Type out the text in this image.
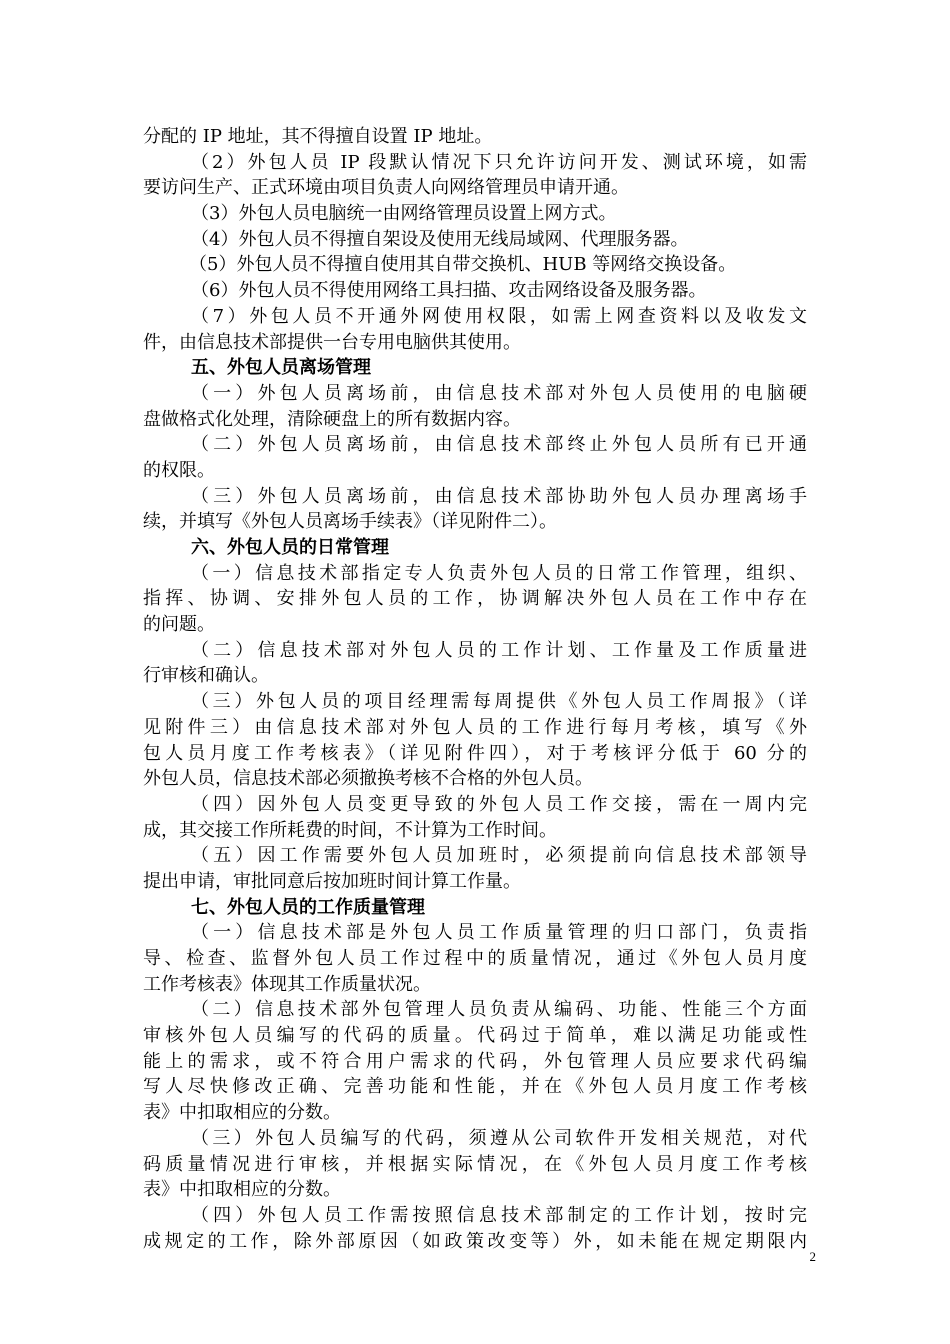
分配的 IP 地址，其不得擅自设置 IP 地址。
（2）外包人员 IP 段默认情况下只允许访问开发、测试环境，如需
要访问生产、正式环境由项目负责人向网络管理员申请开通。
（3）外包人员电脑统一由网络管理员设置上网方式。
（4）外包人员不得擅自架设及使用无线局域网、代理服务器。
（5）外包人员不得擅自使用其自带交换机、HUB 等网络交换设备。
（6）外包人员不得使用网络工具扫描、攻击网络设备及服务器。
（7）外包人员不开通外网使用权限，如需上网查资料以及收发文
件，由信息技术部提供一台专用电脑供其使用。
五、外包人员离场管理
（一）外包人员离场前，由信息技术部对外包人员使用的电脑硬
盘做格式化处理，清除硬盘上的所有数据内容。
（二）外包人员离场前，由信息技术部终止外包人员所有已开通
的权限。
（三）外包人员离场前，由信息技术部协助外包人员办理离场手
续，并填写《外包人员离场手续表》（详见附件二）。
六、外包人员的日常管理
（一）信息技术部指定专人负责外包人员的日常工作管理，组织、
指挥、协调、安排外包人员的工作，协调解决外包人员在工作中存在
的问题。
（二）信息技术部对外包人员的工作计划、工作量及工作质量进
行审核和确认。
（三）外包人员的项目经理需每周提供《外包人员工作周报》（详
见附件三）由信息技术部对外包人员的工作进行每月考核，填写《外
包人员月度工作考核表》（详见附件四），对于考核评分低于 60 分的
外包人员，信息技术部必须撤换考核不合格的外包人员。
（四）因外包人员变更导致的外包人员工作交接，需在一周内完
成，其交接工作所耗费的时间，不计算为工作时间。
（五）因工作需要外包人员加班时，必须提前向信息技术部领导
提出申请，审批同意后按加班时间计算工作量。
七、外包人员的工作质量管理
（一）信息技术部是外包人员工作质量管理的归口部门，负责指
导、检查、监督外包人员工作过程中的质量情况，通过《外包人员月度
工作考核表》体现其工作质量状况。
（二）信息技术部外包管理人员负责从编码、功能、性能三个方面
审核外包人员编写的代码的质量。代码过于简单，难以满足功能或性
能上的需求，或不符合用户需求的代码，外包管理人员应要求代码编
写人尽快修改正确、完善功能和性能，并在《外包人员月度工作考核
表》中扣取相应的分数。
（三）外包人员编写的代码，须遵从公司软件开发相关规范，对代
码质量情况进行审核，并根据实际情况，在《外包人员月度工作考核
表》中扣取相应的分数。
（四）外包人员工作需按照信息技术部制定的工作计划，按时完
成规定的工作，除外部原因（如政策改变等）外，如未能在规定期限内
2
